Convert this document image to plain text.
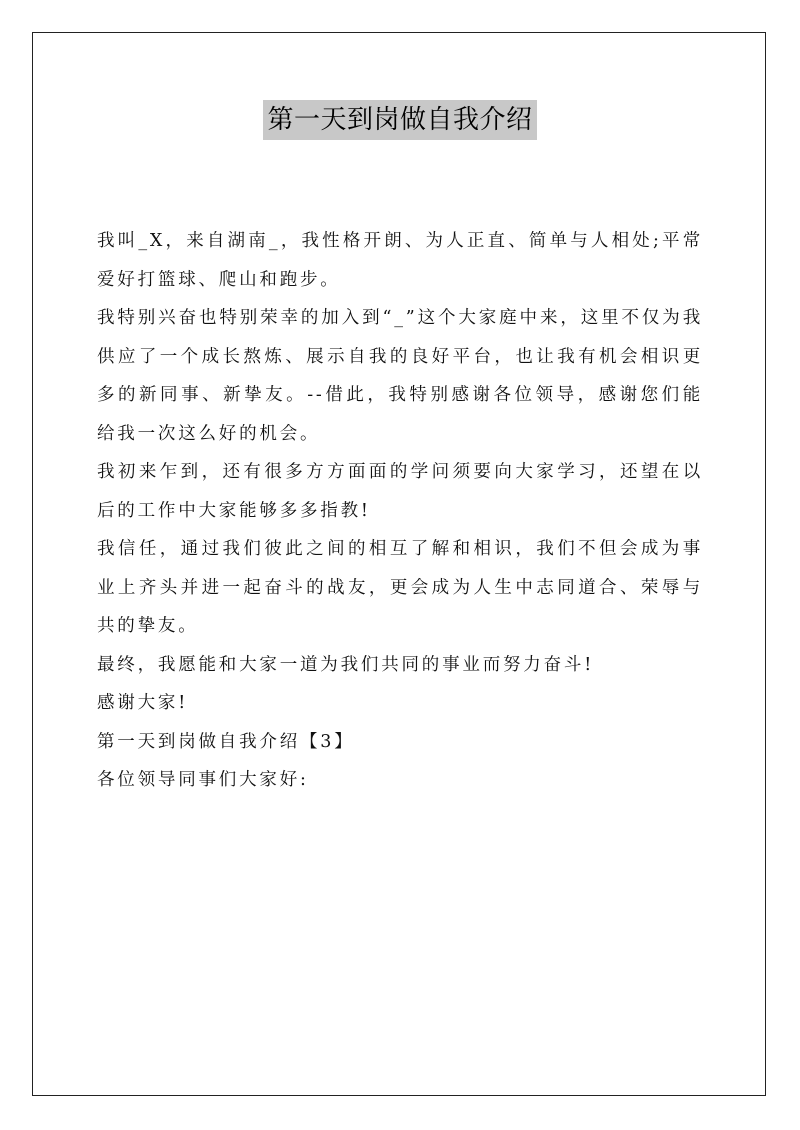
第一天到岗做自我介绍

我叫_X，来自湖南_，我性格开朗、为人正直、简单与人相处;平常爱好打篮球、爬山和跑步。

我特别兴奋也特别荣幸的加入到“_”这个大家庭中来，这里不仅为我供应了一个成长熬炼、展示自我的良好平台，也让我有机会相识更多的新同事、新挚友。--借此，我特别感谢各位领导，感谢您们能给我一次这么好的机会。

我初来乍到，还有很多方方面面的学问须要向大家学习，还望在以后的工作中大家能够多多指教!

我信任，通过我们彼此之间的相互了解和相识，我们不但会成为事业上齐头并进一起奋斗的战友，更会成为人生中志同道合、荣辱与共的挚友。

最终，我愿能和大家一道为我们共同的事业而努力奋斗!

感谢大家!

第一天到岗做自我介绍【3】

各位领导同事们大家好:
